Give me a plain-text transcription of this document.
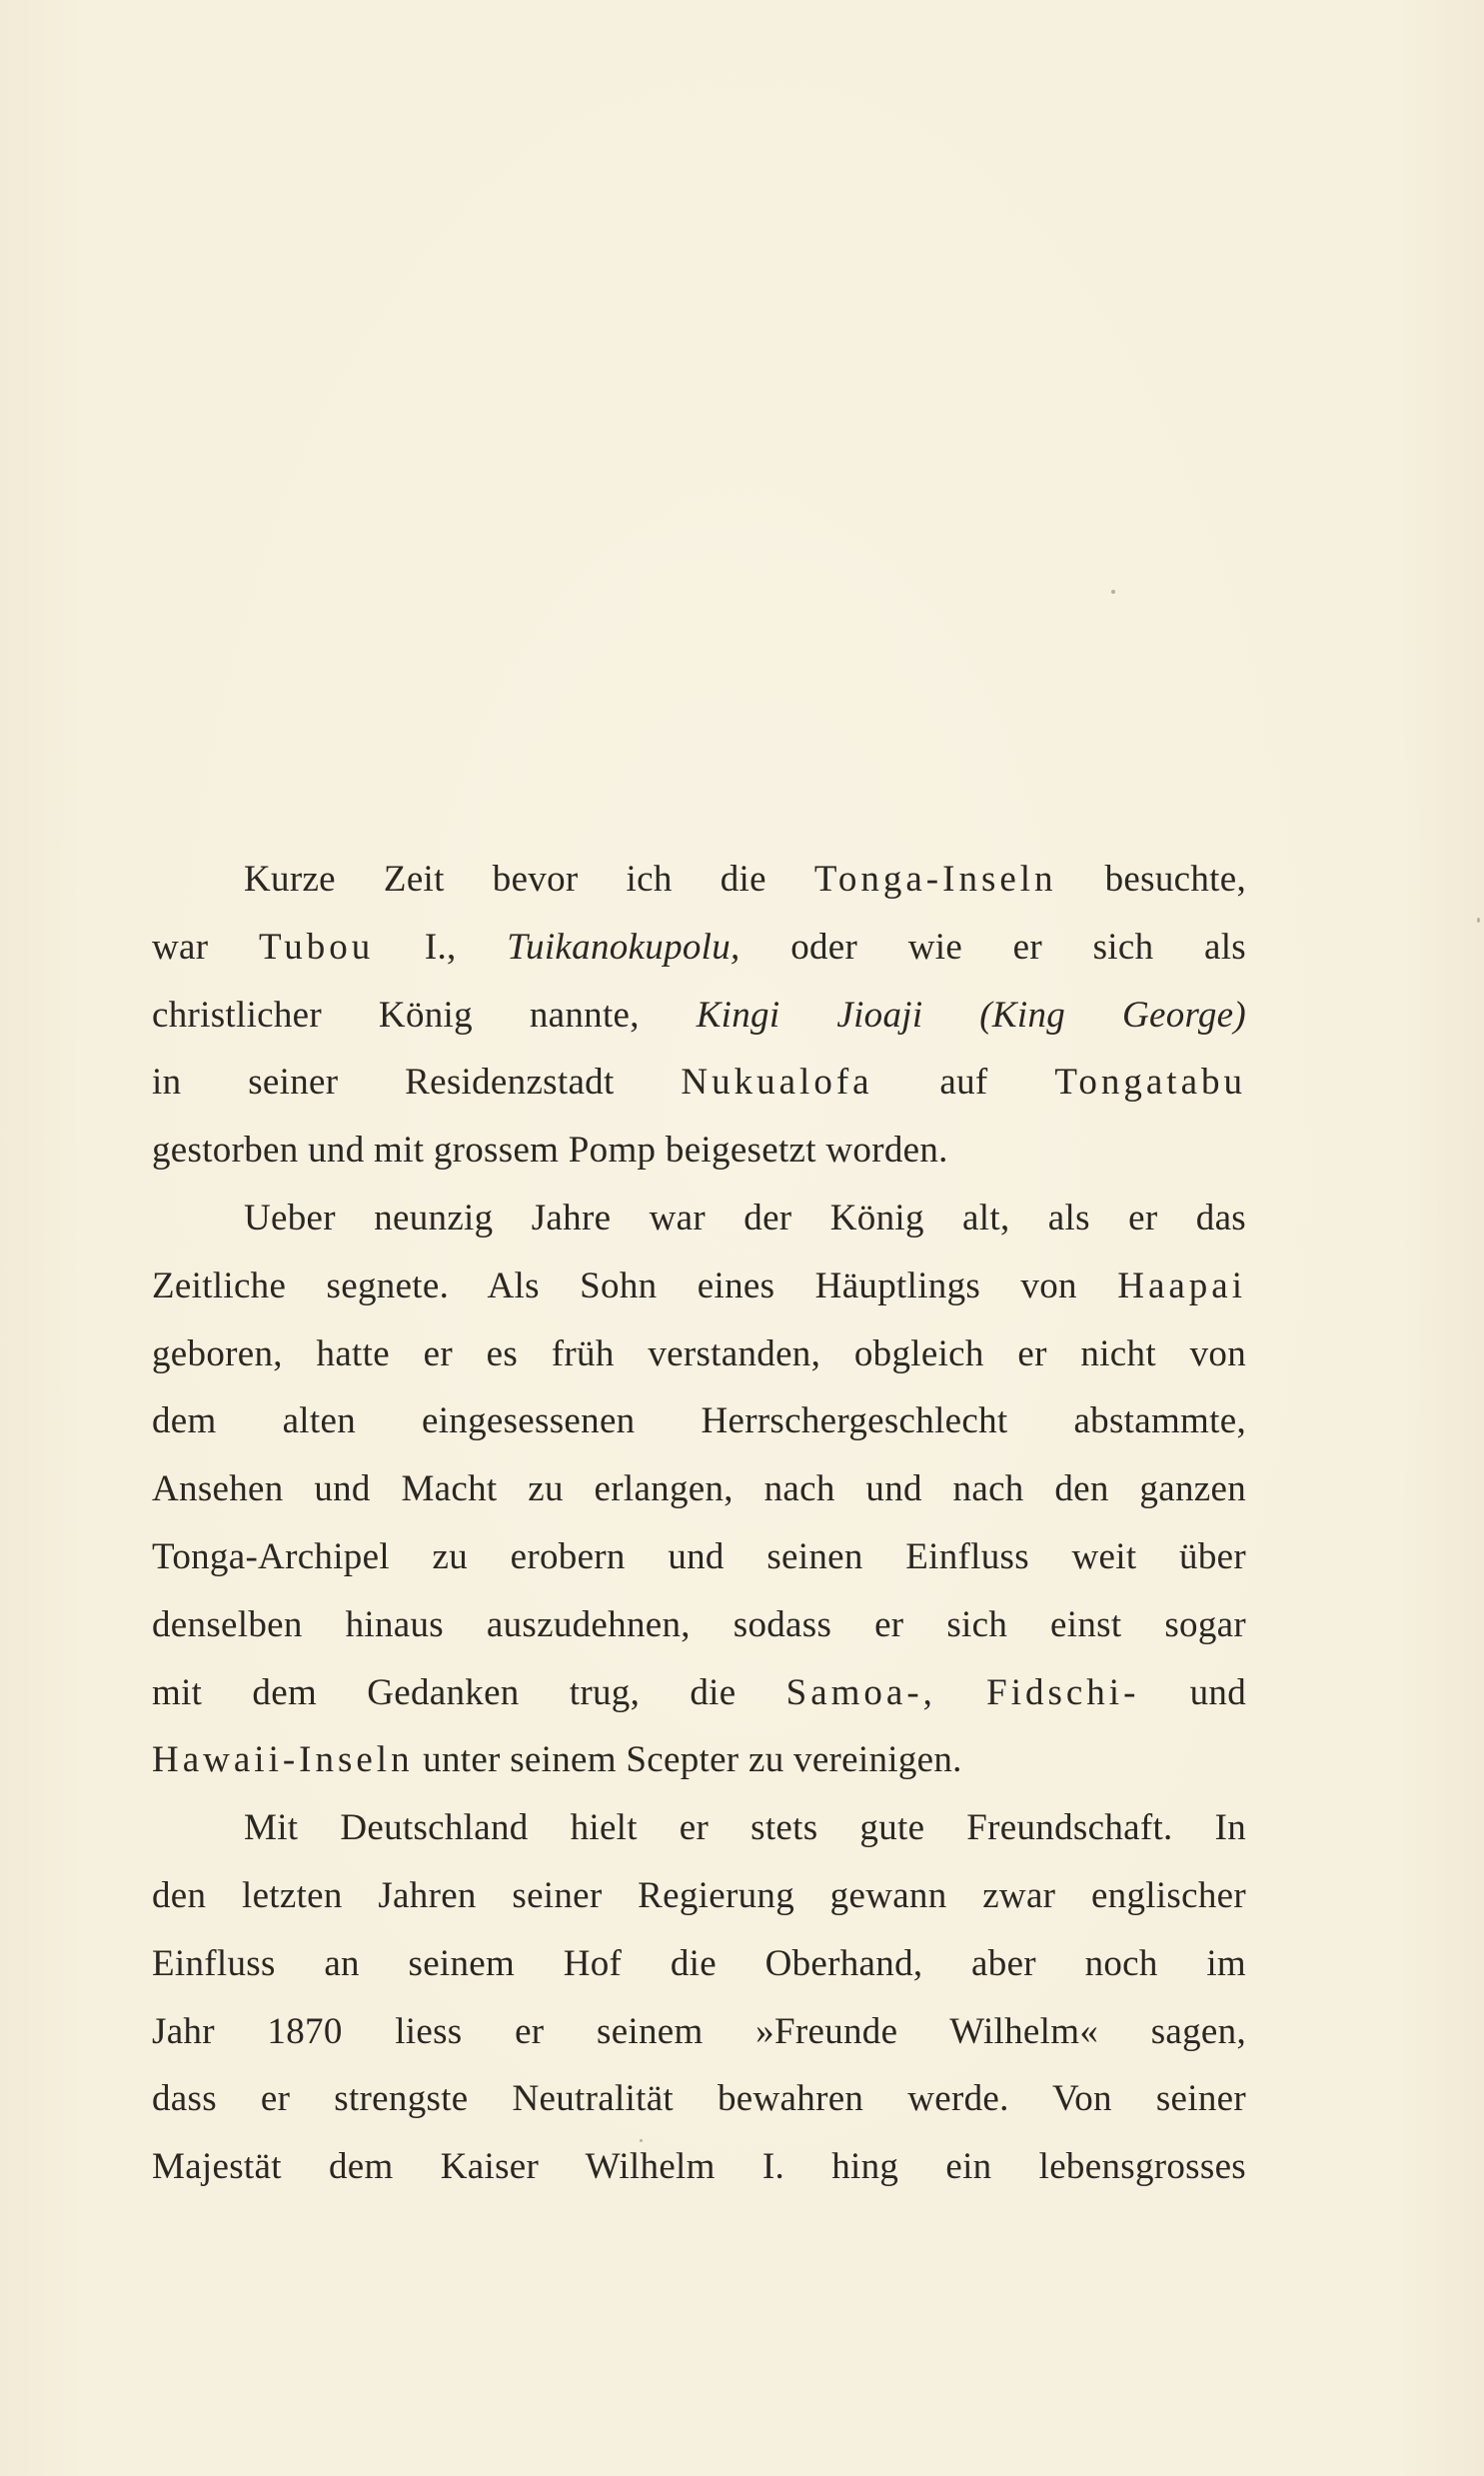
Kurze Zeit bevor ich die Tonga-Inseln besuchte,
war Tubou I., Tuikanokupolu, oder wie er sich als
christlicher König nannte, Kingi Jioaji (King George)
in seiner Residenzstadt Nukualofa auf Tongatabu
gestorben und mit grossem Pomp beigesetzt worden.
Ueber neunzig Jahre war der König alt, als er das
Zeitliche segnete. Als Sohn eines Häuptlings von Haapai
geboren, hatte er es früh verstanden, obgleich er nicht von
dem alten eingesessenen Herrschergeschlecht abstammte,
Ansehen und Macht zu erlangen, nach und nach den ganzen
Tonga-Archipel zu erobern und seinen Einfluss weit über
denselben hinaus auszudehnen, sodass er sich einst sogar
mit dem Gedanken trug, die Samoa-, Fidschi- und
Hawaii-Inseln unter seinem Scepter zu vereinigen.
Mit Deutschland hielt er stets gute Freundschaft. In
den letzten Jahren seiner Regierung gewann zwar englischer
Einfluss an seinem Hof die Oberhand, aber noch im
Jahr 1870 liess er seinem »Freunde Wilhelm« sagen,
dass er strengste Neutralität bewahren werde. Von seiner
Majestät dem Kaiser Wilhelm I. hing ein lebensgrosses
